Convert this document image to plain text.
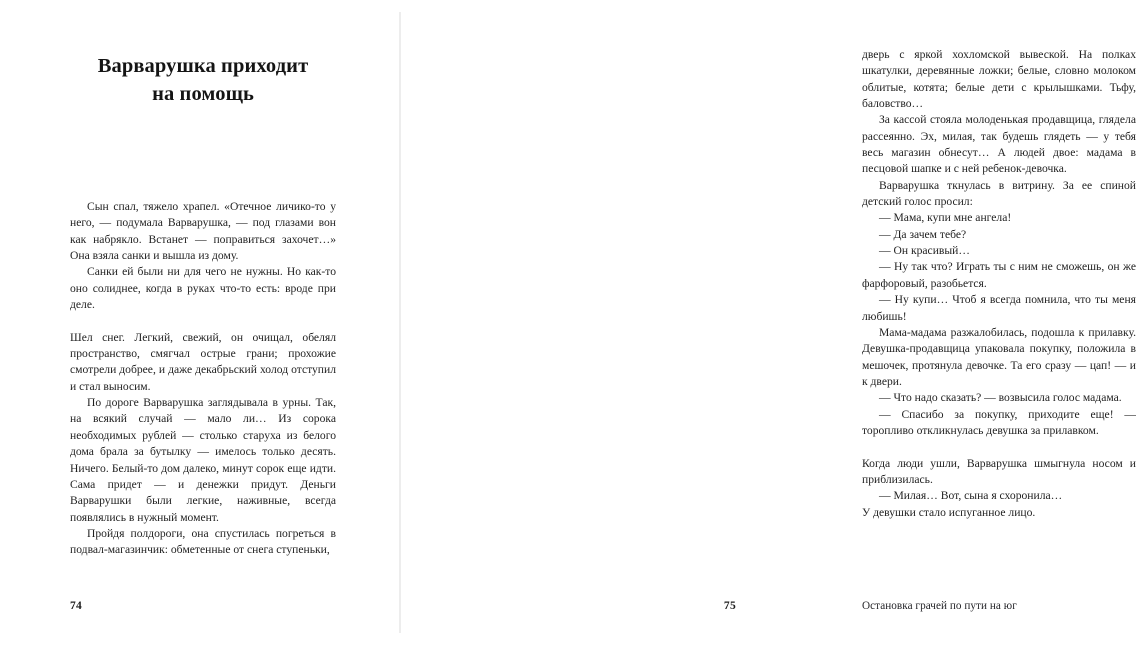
Варварушка приходит
на помощь

Сын спал, тяжело храпел. «Отечное личико-то у него, — подумала Варварушка, — под глазами вон как набрякло. Встанет — поправиться захочет…» Она взяла санки и вышла из дому.

Санки ей были ни для чего не нужны. Но как-то оно солиднее, когда в руках что-то есть: вроде при деле.

Шел снег. Легкий, свежий, он очищал, обелял пространство, смягчал острые грани; прохожие смотрели добрее, и даже декабрьский холод отступил и стал выносим.

По дороге Варварушка заглядывала в урны. Так, на всякий случай — мало ли… Из сорока необходимых рублей — столько старуха из белого дома брала за бутылку — имелось только десять. Ничего. Белый-то дом далеко, минут сорок еще идти. Сама придет — и денежки придут. Деньги Варварушки были легкие, наживные, всегда появлялись в нужный момент.

Пройдя полдороги, она спустилась погреться в подвал-магазинчик: обметенные от снега ступеньки,

74

дверь с яркой хохломской вывеской. На полках шкатулки, деревянные ложки; белые, словно молоком облитые, котята; белые дети с крылышками. Тьфу, баловство…

За кассой стояла молоденькая продавщица, глядела рассеянно. Эх, милая, так будешь глядеть — у тебя весь магазин обнесут… А людей двое: мадама в песцовой шапке и с ней ребенок-девочка.

Варварушка ткнулась в витрину. За ее спиной детский голос просил:

— Мама, купи мне ангела!

— Да зачем тебе?

— Он красивый…

— Ну так что? Играть ты с ним не сможешь, он же фарфоровый, разобьется.

— Ну купи… Чтоб я всегда помнила, что ты меня любишь!

Мама-мадама разжалобилась, подошла к прилавку. Девушка-продавщица упаковала покупку, положила в мешочек, протянула девочке. Та его сразу — цап! — и к двери.

— Что надо сказать? — возвысила голос мадама.

— Спасибо за покупку, приходите еще! — торопливо откликнулась девушка за прилавком.

Когда люди ушли, Варварушка шмыгнула носом и приблизилась.

— Милая… Вот, сына я схоронила…

У девушки стало испуганное лицо.

Остановка грачей по пути на юг
75
